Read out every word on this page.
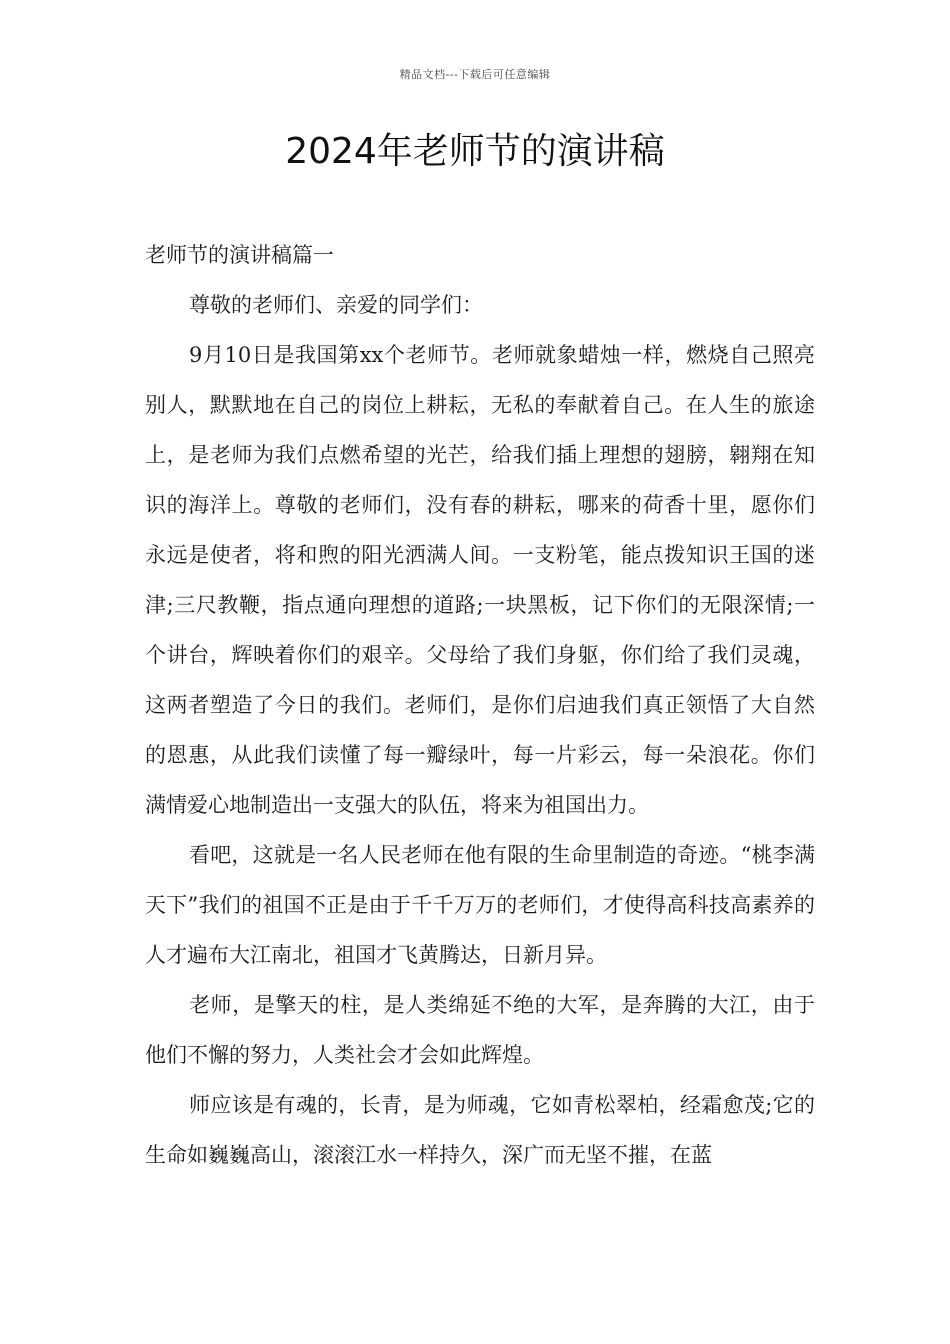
精品文档---下载后可任意编辑
2024年老师节的演讲稿

老师节的演讲稿篇一

尊敬的老师们、亲爱的同学们：

9月10日是我国第xx个老师节。老师就象蜡烛一样，燃烧自己照亮别人，默默地在自己的岗位上耕耘，无私的奉献着自己。在人生的旅途上，是老师为我们点燃希望的光芒，给我们插上理想的翅膀，翱翔在知识的海洋上。尊敬的老师们，没有春的耕耘，哪来的荷香十里，愿你们永远是使者，将和煦的阳光洒满人间。一支粉笔，能点拨知识王国的迷津;三尺教鞭，指点通向理想的道路;一块黑板，记下你们的无限深情;一个讲台，辉映着你们的艰辛。父母给了我们身躯，你们给了我们灵魂，这两者塑造了今日的我们。老师们，是你们启迪我们真正领悟了大自然的恩惠，从此我们读懂了每一瓣绿叶，每一片彩云，每一朵浪花。你们满情爱心地制造出一支强大的队伍，将来为祖国出力。

看吧，这就是一名人民老师在他有限的生命里制造的奇迹。“桃李满天下”我们的祖国不正是由于千千万万的老师们，才使得高科技高素养的人才遍布大江南北，祖国才飞黄腾达，日新月异。

老师，是擎天的柱，是人类绵延不绝的大军，是奔腾的大江，由于他们不懈的努力，人类社会才会如此辉煌。

师应该是有魂的，长青，是为师魂，它如青松翠柏，经霜愈茂;它的生命如巍巍高山，滚滚江水一样持久，深广而无坚不摧，在蓝
